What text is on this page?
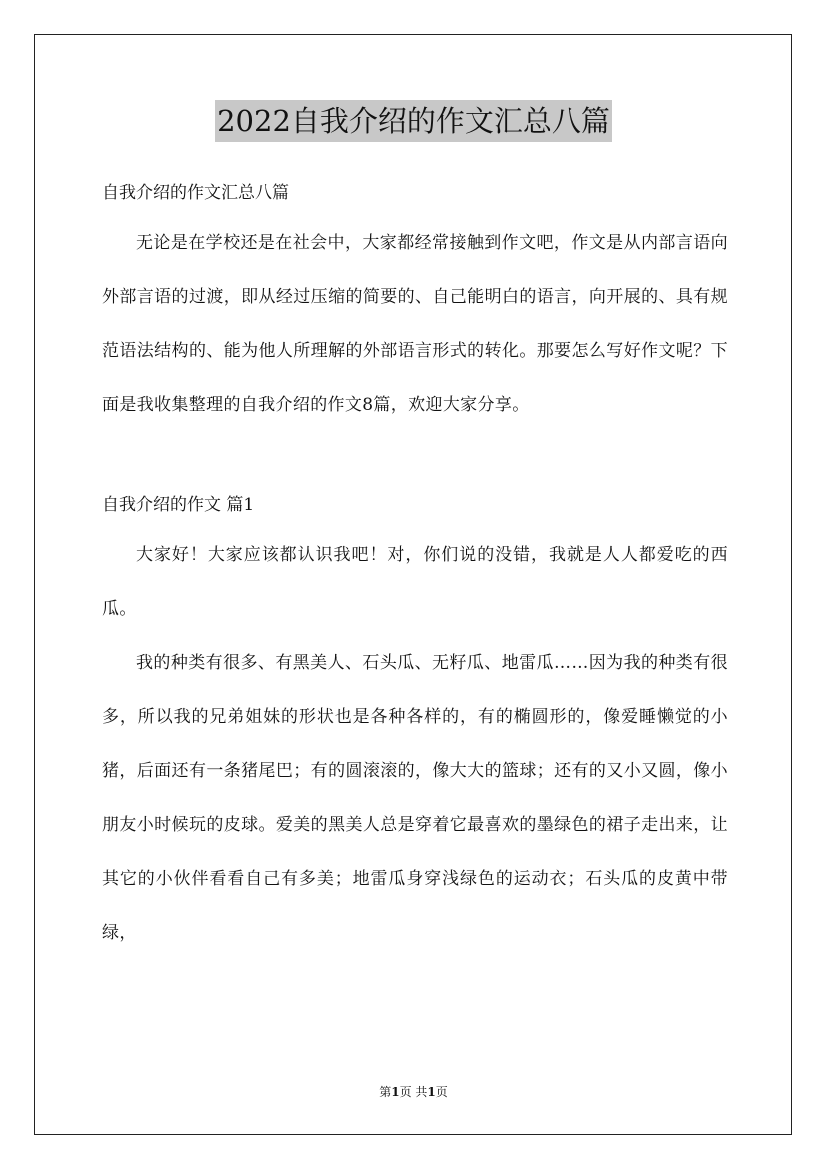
2022自我介绍的作文汇总八篇

自我介绍的作文汇总八篇

无论是在学校还是在社会中，大家都经常接触到作文吧，作文是从内部言语向外部言语的过渡，即从经过压缩的简要的、自己能明白的语言，向开展的、具有规范语法结构的、能为他人所理解的外部语言形式的转化。那要怎么写好作文呢？下面是我收集整理的自我介绍的作文8篇，欢迎大家分享。

自我介绍的作文 篇1

大家好！大家应该都认识我吧！对，你们说的没错，我就是人人都爱吃的西瓜。

我的种类有很多、有黑美人、石头瓜、无籽瓜、地雷瓜……因为我的种类有很多，所以我的兄弟姐妹的形状也是各种各样的，有的椭圆形的，像爱睡懒觉的小猪，后面还有一条猪尾巴；有的圆滚滚的，像大大的篮球；还有的又小又圆，像小朋友小时候玩的皮球。爱美的黑美人总是穿着它最喜欢的墨绿色的裙子走出来，让其它的小伙伴看看自己有多美；地雷瓜身穿浅绿色的运动衣；石头瓜的皮黄中带绿，

第1页 共1页
